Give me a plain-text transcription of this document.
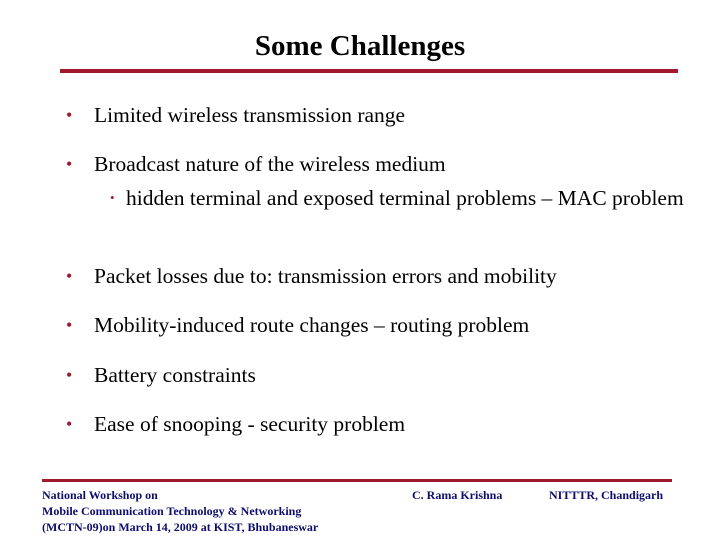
Some Challenges
• Limited wireless transmission range
• Broadcast nature of the wireless medium
• hidden terminal and exposed terminal problems – MAC problem
• Packet losses due to: transmission errors and mobility
• Mobility-induced route changes – routing problem
• Battery constraints
• Ease of snooping - security problem
National Workshop on
Mobile Communication Technology & Networking
(MCTN-09)on March 14, 2009 at KIST, Bhubaneswar
C. Rama Krishna	NITTTR, Chandigarh
